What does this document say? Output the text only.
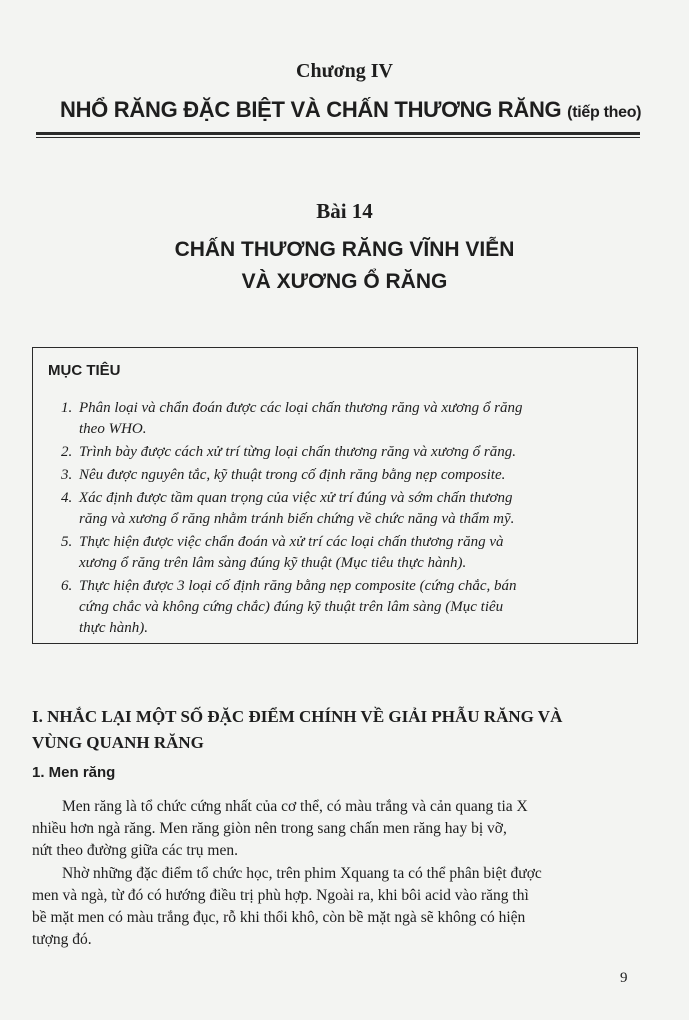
Chương IV
NHỔ RĂNG ĐẶC BIỆT VÀ CHẤN THƯƠNG RĂNG (tiếp theo)
Bài 14
CHẤN THƯƠNG RĂNG VĨNH VIỄN
VÀ XƯƠNG Ổ RĂNG
MỤC TIÊU
1. Phân loại và chẩn đoán được các loại chấn thương răng và xương ổ răng
theo WHO.
2. Trình bày được cách xử trí từng loại chấn thương răng và xương ổ răng.
3. Nêu được nguyên tắc, kỹ thuật trong cố định răng bằng nẹp composite.
4. Xác định được tầm quan trọng của việc xử trí đúng và sớm chấn thương
răng và xương ổ răng nhằm tránh biến chứng về chức năng và thẩm mỹ.
5. Thực hiện được việc chẩn đoán và xử trí các loại chấn thương răng và
xương ổ răng trên lâm sàng đúng kỹ thuật (Mục tiêu thực hành).
6. Thực hiện được 3 loại cố định răng bằng nẹp composite (cứng chắc, bán
cứng chắc và không cứng chắc) đúng kỹ thuật trên lâm sàng (Mục tiêu
thực hành).
I. NHẮC LẠI MỘT SỐ ĐẶC ĐIỂM CHÍNH VỀ GIẢI PHẪU RĂNG VÀ
VÙNG QUANH RĂNG
1. Men răng
Men răng là tổ chức cứng nhất của cơ thể, có màu trắng và cản quang tia X
nhiều hơn ngà răng. Men răng giòn nên trong sang chấn men răng hay bị vỡ,
nứt theo đường giữa các trụ men.
Nhờ những đặc điểm tổ chức học, trên phim Xquang ta có thể phân biệt được
men và ngà, từ đó có hướng điều trị phù hợp. Ngoài ra, khi bôi acid vào răng thì
bề mặt men có màu trắng đục, rỗ khi thổi khô, còn bề mặt ngà sẽ không có hiện
tượng đó.
9
